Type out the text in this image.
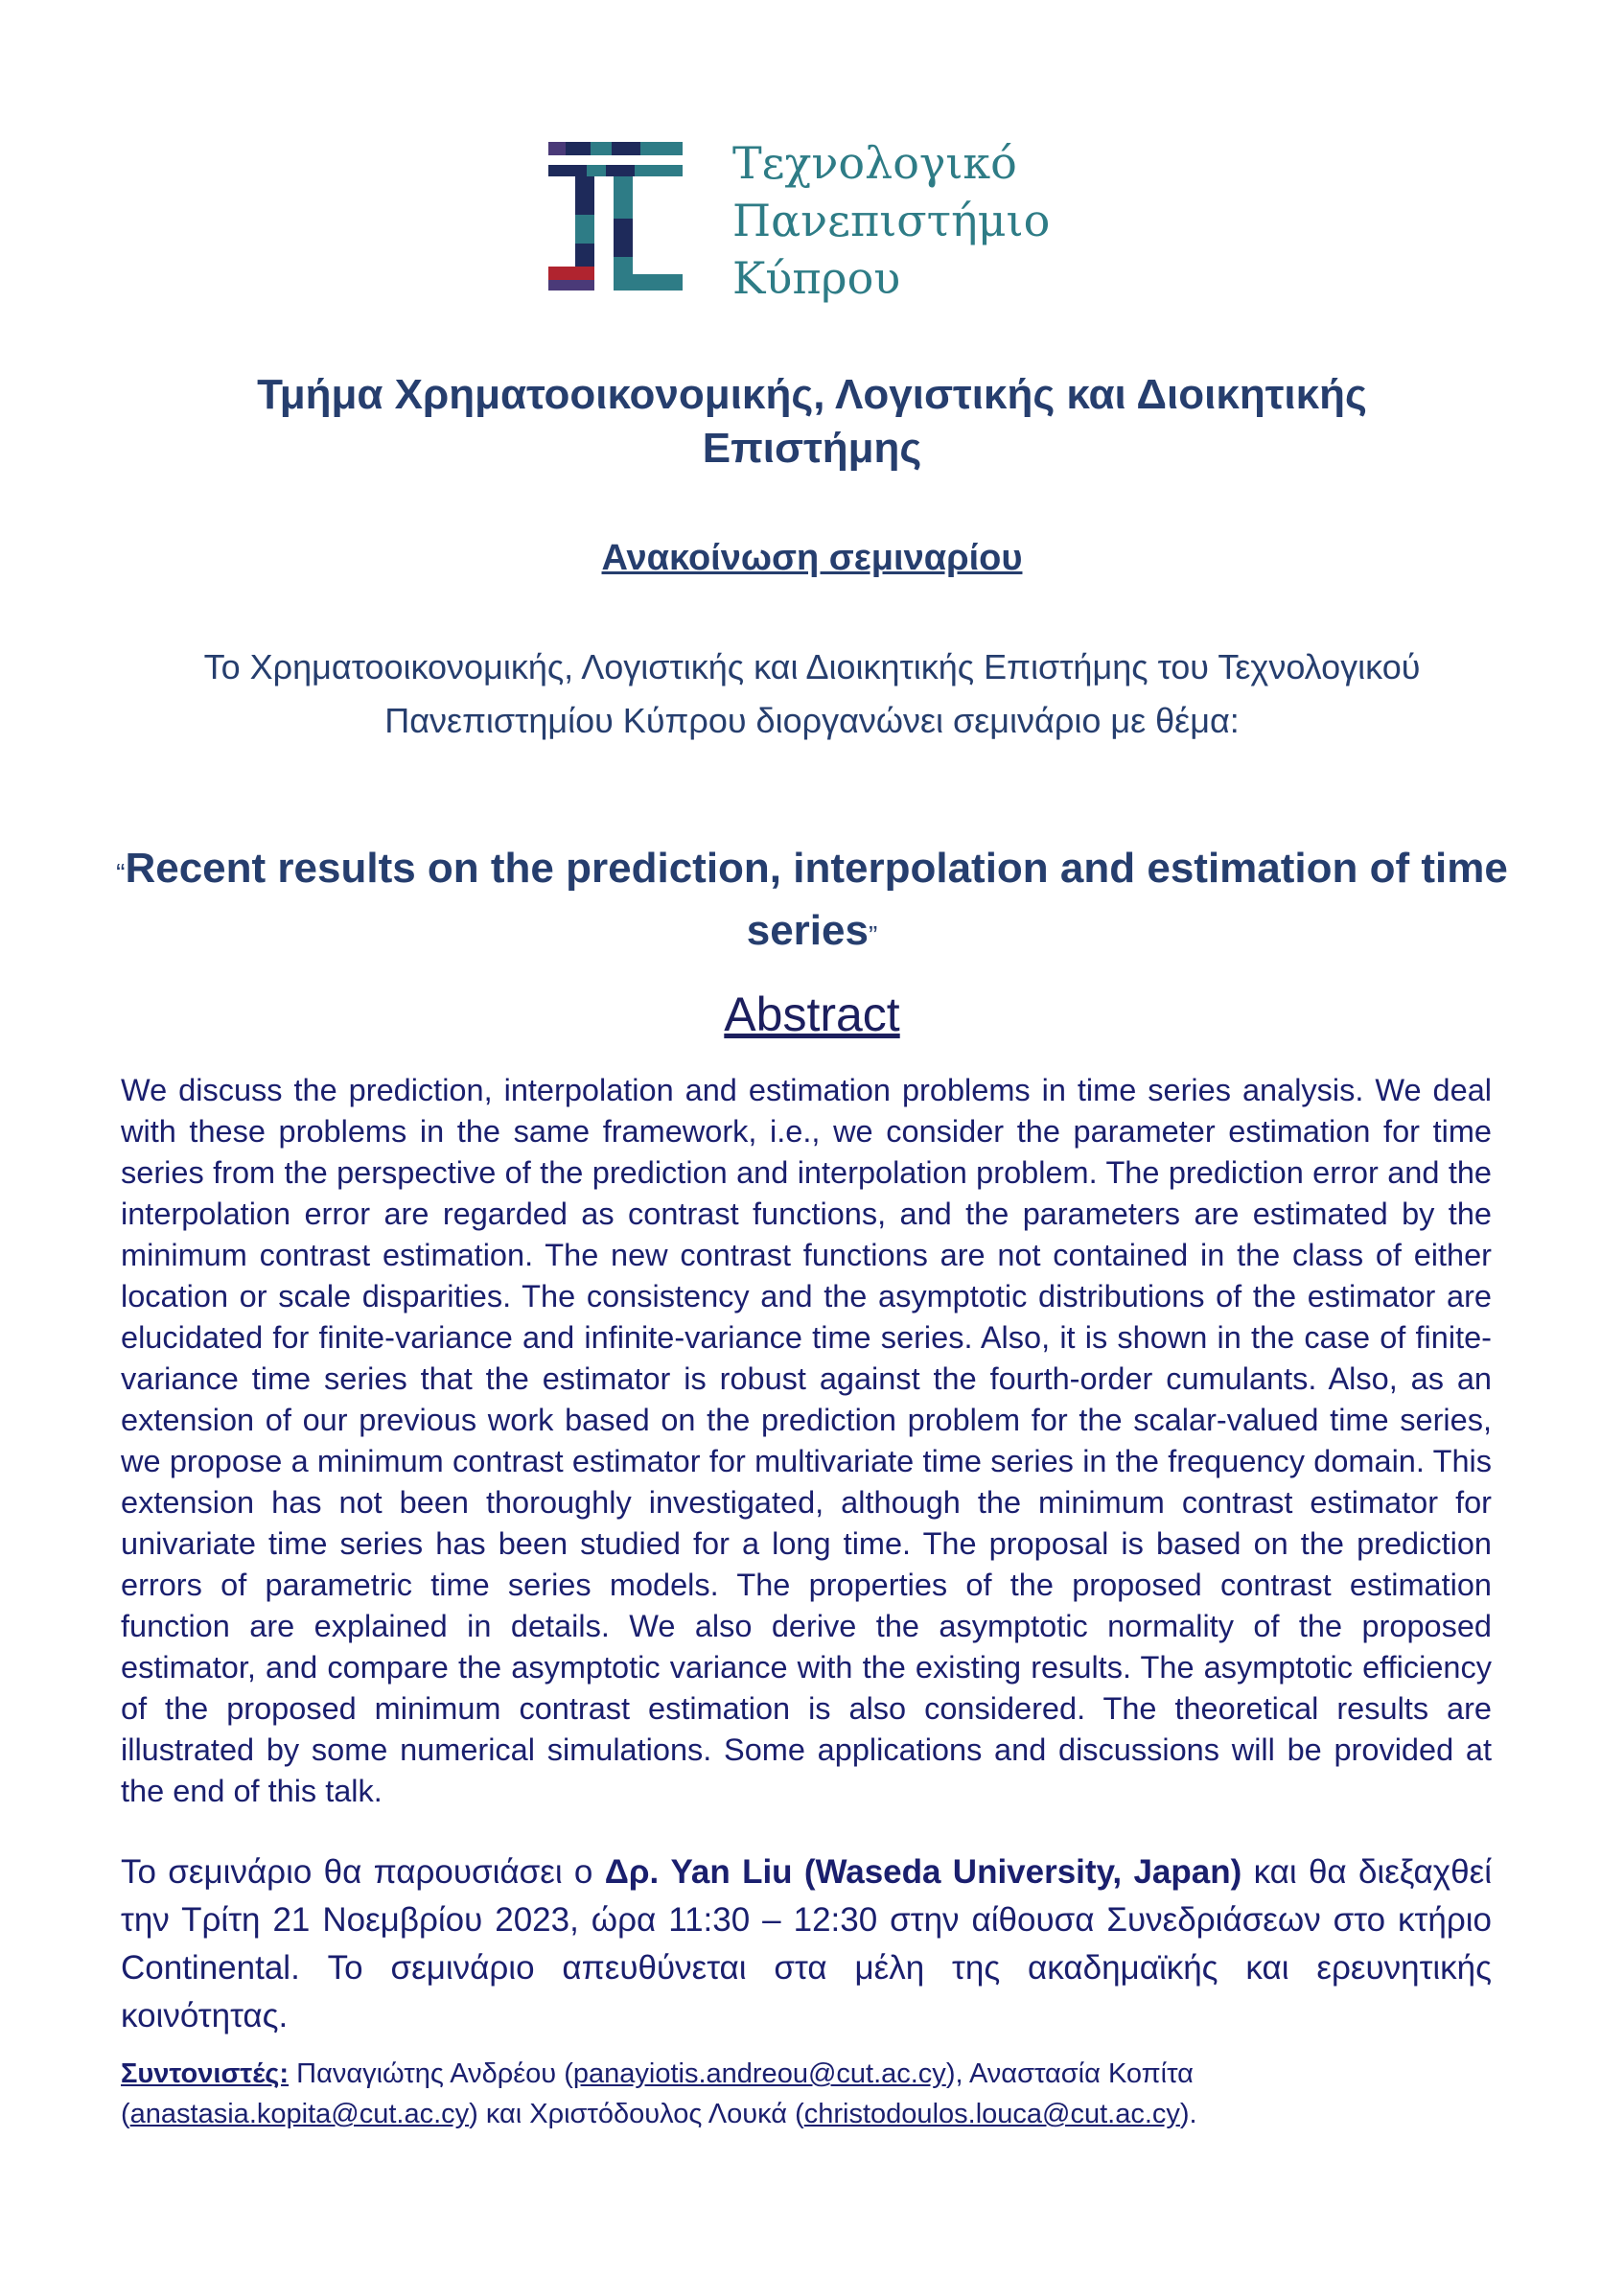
Τεχνολογικό
Πανεπιστήμιο
Κύπρου
Τμήμα Χρηματοοικονομικής, Λογιστικής και Διοικητικής Επιστήμης
Ανακοίνωση σεμιναρίου
Το Χρηματοοικονομικής, Λογιστικής και Διοικητικής Επιστήμης του Τεχνολογικού Πανεπιστημίου Κύπρου διοργανώνει σεμινάριο με θέμα:
“Recent results on the prediction, interpolation and estimation of time series”
Abstract
We discuss the prediction, interpolation and estimation problems in time series analysis. We deal with these problems in the same framework, i.e., we consider the parameter estimation for time series from the perspective of the prediction and interpolation problem. The prediction error and the interpolation error are regarded as contrast functions, and the parameters are estimated by the minimum contrast estimation. The new contrast functions are not contained in the class of either location or scale disparities. The consistency and the asymptotic distributions of the estimator are elucidated for finite-variance and infinite-variance time series. Also, it is shown in the case of finite-variance time series that the estimator is robust against the fourth-order cumulants. Also, as an extension of our previous work based on the prediction problem for the scalar-valued time series, we propose a minimum contrast estimator for multivariate time series in the frequency domain. This extension has not been thoroughly investigated, although the minimum contrast estimator for univariate time series has been studied for a long time. The proposal is based on the prediction errors of parametric time series models. The properties of the proposed contrast estimation function are explained in details. We also derive the asymptotic normality of the proposed estimator, and compare the asymptotic variance with the existing results. The asymptotic efficiency of the proposed minimum contrast estimation is also considered. The theoretical results are illustrated by some numerical simulations. Some applications and discussions will be provided at the end of this talk.
Το σεμινάριο θα παρουσιάσει ο Δρ. Yan Liu (Waseda University, Japan) και θα διεξαχθεί την Τρίτη 21 Νοεμβρίου 2023, ώρα 11:30 – 12:30 στην αίθουσα Συνεδριάσεων στο κτήριο Continental. Το σεμινάριο απευθύνεται στα μέλη της ακαδημαϊκής και ερευνητικής κοινότητας.
Συντονιστές: Παναγιώτης Ανδρέου (panayiotis.andreou@cut.ac.cy), Αναστασία Κοπίτα (anastasia.kopita@cut.ac.cy) και Χριστόδουλος Λουκά (christodoulos.louca@cut.ac.cy).
